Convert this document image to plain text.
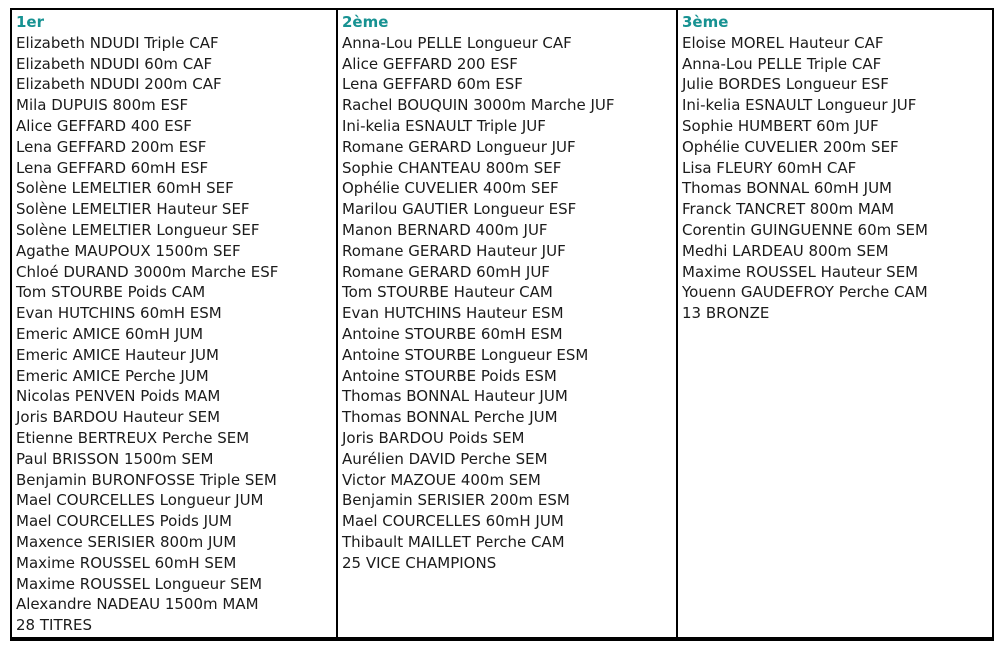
1er
Elizabeth NDUDI Triple CAF
Elizabeth NDUDI 60m CAF
Elizabeth NDUDI 200m CAF
Mila DUPUIS 800m ESF
Alice GEFFARD 400 ESF
Lena GEFFARD 200m ESF
Lena GEFFARD 60mH ESF
Solène LEMELTIER 60mH SEF
Solène LEMELTIER Hauteur SEF
Solène LEMELTIER Longueur SEF
Agathe MAUPOUX 1500m SEF
Chloé DURAND 3000m Marche ESF
Tom STOURBE Poids CAM
Evan HUTCHINS 60mH ESM
Emeric AMICE 60mH JUM
Emeric AMICE Hauteur JUM
Emeric AMICE Perche JUM
Nicolas PENVEN Poids MAM
Joris BARDOU Hauteur SEM
Etienne BERTREUX Perche SEM
Paul BRISSON 1500m SEM
Benjamin BURONFOSSE Triple SEM
Mael COURCELLES Longueur JUM
Mael COURCELLES Poids JUM
Maxence SERISIER 800m JUM
Maxime ROUSSEL 60mH SEM
Maxime ROUSSEL Longueur SEM
Alexandre NADEAU 1500m MAM
28 TITRES
2ème
Anna-Lou PELLE Longueur CAF
Alice GEFFARD 200 ESF
Lena GEFFARD 60m ESF
Rachel BOUQUIN 3000m Marche JUF
Ini-kelia ESNAULT Triple JUF
Romane GERARD Longueur JUF
Sophie CHANTEAU 800m SEF
Ophélie CUVELIER 400m SEF
Marilou GAUTIER Longueur ESF
Manon BERNARD 400m JUF
Romane GERARD Hauteur JUF
Romane GERARD 60mH JUF
Tom STOURBE Hauteur CAM
Evan HUTCHINS Hauteur ESM
Antoine STOURBE 60mH ESM
Antoine STOURBE Longueur ESM
Antoine STOURBE Poids ESM
Thomas BONNAL Hauteur JUM
Thomas BONNAL Perche JUM
Joris BARDOU Poids SEM
Aurélien DAVID Perche SEM
Victor MAZOUE 400m SEM
Benjamin SERISIER 200m ESM
Mael COURCELLES 60mH JUM
Thibault MAILLET Perche CAM
25 VICE CHAMPIONS
3ème
Eloise MOREL Hauteur CAF
Anna-Lou PELLE Triple CAF
Julie BORDES Longueur ESF
Ini-kelia ESNAULT Longueur JUF
Sophie HUMBERT 60m JUF
Ophélie CUVELIER 200m SEF
Lisa FLEURY 60mH CAF
Thomas BONNAL 60mH JUM
Franck TANCRET 800m MAM
Corentin GUINGUENNE 60m SEM
Medhi LARDEAU 800m SEM
Maxime ROUSSEL Hauteur SEM
Youenn GAUDEFROY Perche CAM
13 BRONZE
